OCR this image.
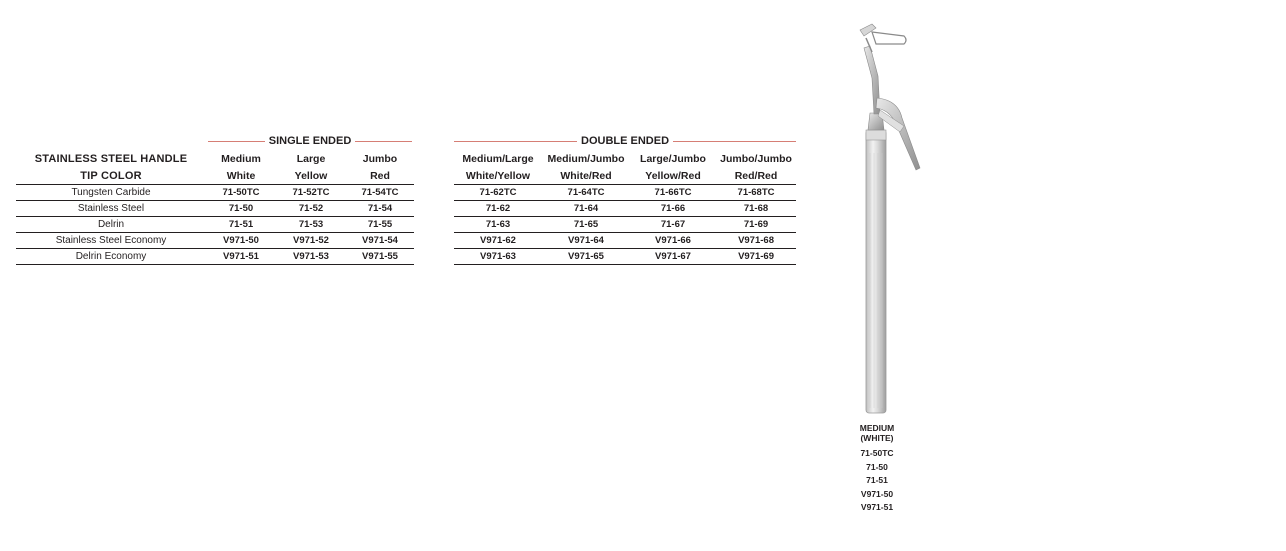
	SINGLE ENDED				DOUBLE ENDED			

STAINLESS STEEL HANDLE	Medium	Large	Jumbo		Medium/Large	Medium/Jumbo	Large/Jumbo	Jumbo/Jumbo
TIP COLOR	White	Yellow	Red		White/Yellow	White/Red	Yellow/Red	Red/Red
Tungsten Carbide	71-50TC	71-52TC	71-54TC		71-62TC	71-64TC	71-66TC	71-68TC
Stainless Steel	71-50	71-52	71-54		71-62	71-64	71-66	71-68
Delrin	71-51	71-53	71-55		71-63	71-65	71-67	71-69
Stainless Steel Economy	V971-50	V971-52	V971-54		V971-62	V971-64	V971-66	V971-68
Delrin Economy	V971-51	V971-53	V971-55		V971-63	V971-65	V971-67	V971-69
MEDIUM
(WHITE)
71-50TC
71-50
71-51
V971-50
V971-51
